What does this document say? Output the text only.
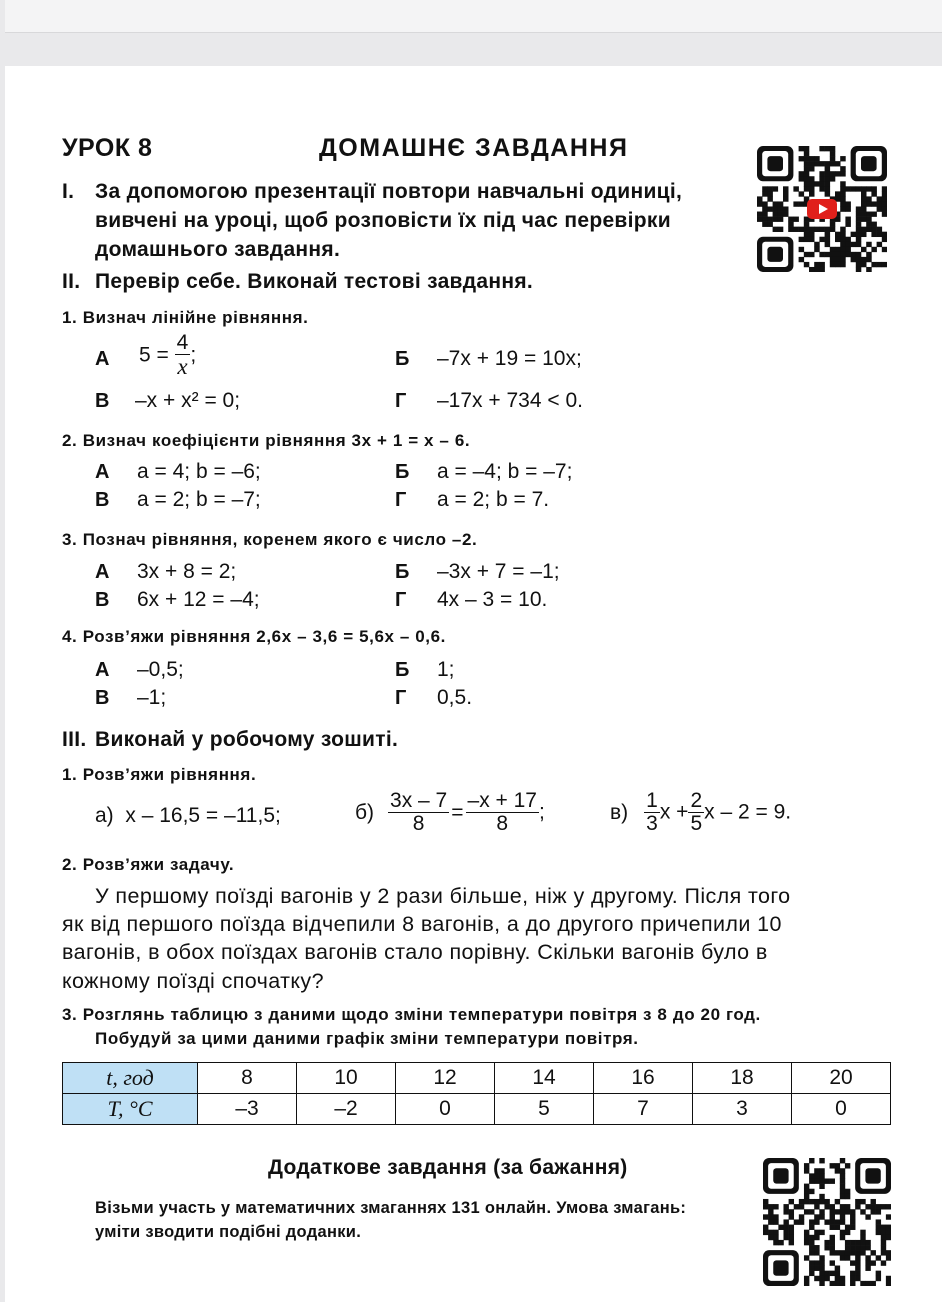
УРОК 8	ДОМАШНЄ ЗАВДАННЯ
I. За допомогою презентації повтори навчальні одиниці,
вивчені на уроці, щоб розповісти їх під час перевірки
домашнього завдання.
II. Перевір себе. Виконай тестові завдання.
1. Визнач лінійне рівняння.
А $5 = \frac{4}{x}$ ;	Б –7x + 19 = 10x;
В –x + x² = 0;	Г –17x + 734 < 0.
2. Визнач коефіцієнти рівняння 3x + 1 = x – 6.
А a = 4; b = –6;	Б a = –4; b = –7;
В a = 2; b = –7;	Г a = 2; b = 7.
3. Познач рівняння, коренем якого є число –2.
А 3x + 8 = 2;	Б –3x + 7 = –1;
В 6x + 12 = –4;	Г 4x – 3 = 10.
4. Розв’яжи рівняння 2,6x – 3,6 = 5,6x – 0,6.
А –0,5;	Б 1;
В –1;	Г 0,5.
III. Виконай у робочому зошиті.
1. Розв’яжи рівняння.
а) x – 16,5 = –11,5;	$б) \frac{3x - 7}{8} = \frac{-x + 17}{8}$ ;	$в) \frac{1}{3}$ $x + \frac{2}{5}$ x – 2 = 9.
2. Розв’яжи задачу.
У першому поїзді вагонів у 2 рази більше, ніж у другому. Після того
як від першого поїзда відчепили 8 вагонів, а до другого причепили 10
вагонів, в обох поїздах вагонів стало порівну. Скільки вагонів було в
кожному поїзді спочатку?
3. Розглянь таблицю з даними щодо зміни температури повітря з 8 до 20 год.
Побудуй за цими даними графік зміни температури повітря.
Додаткове завдання (за бажання)
Візьми участь у математичних змаганнях 131 онлайн. Умова змагань:
уміти зводити подібні доданки.
t, год	8	10	12	14	16	18	20
T, °C	–3	–2	0	5	7	3	0
